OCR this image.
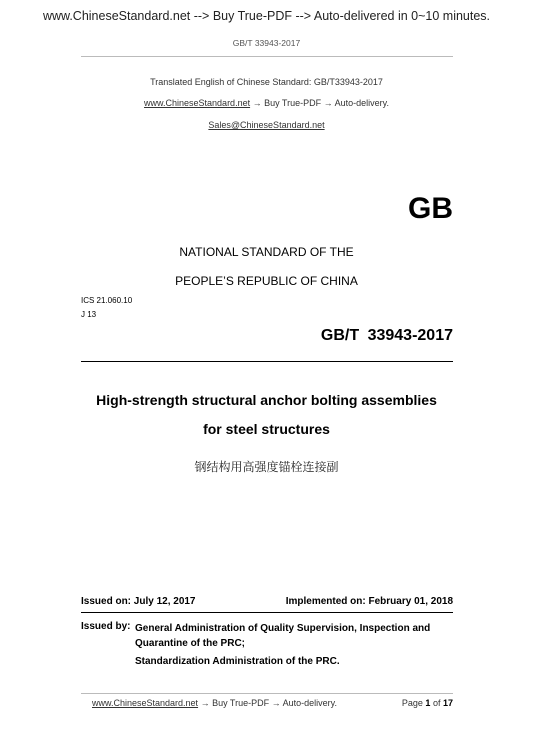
www.ChineseStandard.net --> Buy True-PDF --> Auto-delivered in 0~10 minutes.
GB/T 33943-2017
Translated English of Chinese Standard: GB/T33943-2017
www.ChineseStandard.net → Buy True-PDF → Auto-delivery.
Sales@ChineseStandard.net
GB
NATIONAL STANDARD OF THE
PEOPLE’S REPUBLIC OF CHINA
ICS 21.060.10
J 13
GB/T 33943-2017
High-strength structural anchor bolting assemblies
for steel structures
钢结构用高强度锚栓连接副
Issued on: July 12, 2017	Implemented on: February 01, 2018
Issued by: General Administration of Quality Supervision, Inspection and Quarantine of the PRC;
Standardization Administration of the PRC.
www.ChineseStandard.net → Buy True-PDF → Auto-delivery.	Page 1 of 17
